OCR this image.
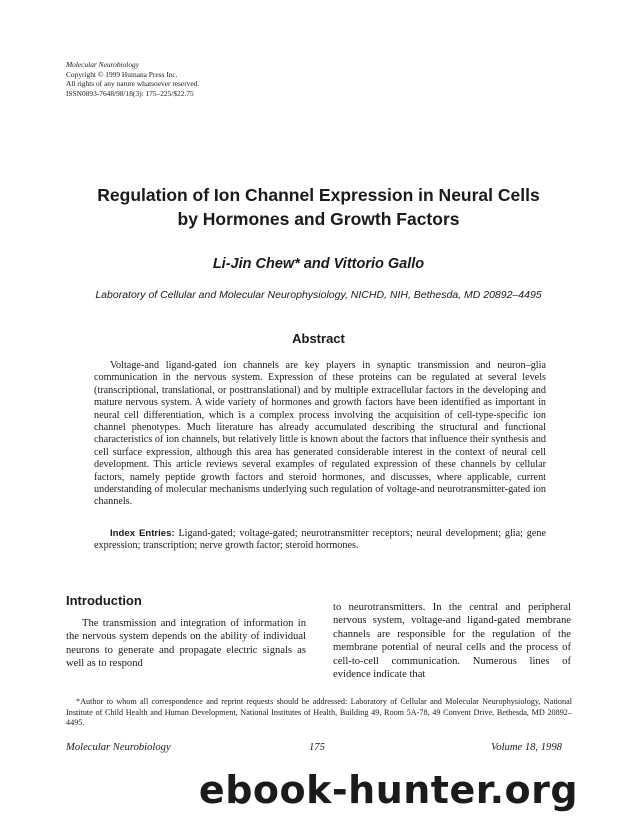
Molecular Neurobiology
Copyright © 1999 Humana Press Inc.
All rights of any nature whatsoever reserved.
ISSN0893-7648/98/18(3): 175–225/$22.75
Regulation of Ion Channel Expression in Neural Cells
by Hormones and Growth Factors
Li-Jin Chew* and Vittorio Gallo
Laboratory of Cellular and Molecular Neurophysiology, NICHD, NIH, Bethesda, MD 20892–4495
Abstract
Voltage-and ligand-gated ion channels are key players in synaptic transmission and neuron–glia communication in the nervous system. Expression of these proteins can be regulated at several levels (transcriptional, translational, or posttranslational) and by multiple extracellular factors in the developing and mature nervous system. A wide variety of hormones and growth factors have been identified as important in neural cell differentiation, which is a complex process involving the acquisition of cell-type-specific ion channel phenotypes. Much literature has already accumulated describing the structural and functional characteristics of ion channels, but relatively little is known about the factors that influence their synthesis and cell surface expression, although this area has generated considerable interest in the context of neural cell development. This article reviews several examples of regulated expression of these channels by cellular factors, namely peptide growth factors and steroid hormones, and discusses, where applicable, current understanding of molecular mechanisms underlying such regulation of voltage-and neurotransmitter-gated ion channels.
Index Entries: Ligand-gated; voltage-gated; neurotransmitter receptors; neural development; glia; gene expression; transcription; nerve growth factor; steroid hormones.
Introduction
The transmission and integration of information in the nervous system depends on the ability of individual neurons to generate and propagate electric signals as well as to respond
to neurotransmitters. In the central and peripheral nervous system, voltage-and ligand-gated membrane channels are responsible for the regulation of the membrane potential of neural cells and the process of cell-to-cell communication. Numerous lines of evidence indicate that
*Author to whom all correspondence and reprint requests should be addressed: Laboratory of Cellular and Molecular Neurophysiology, National Institute of Child Health and Human Development, National Institutes of Health, Building 49, Room 5A-78, 49 Convent Drive, Bethesda, MD 20892–4495.
Molecular Neurobiology	175	Volume 18, 1998
ebook-hunter.org
